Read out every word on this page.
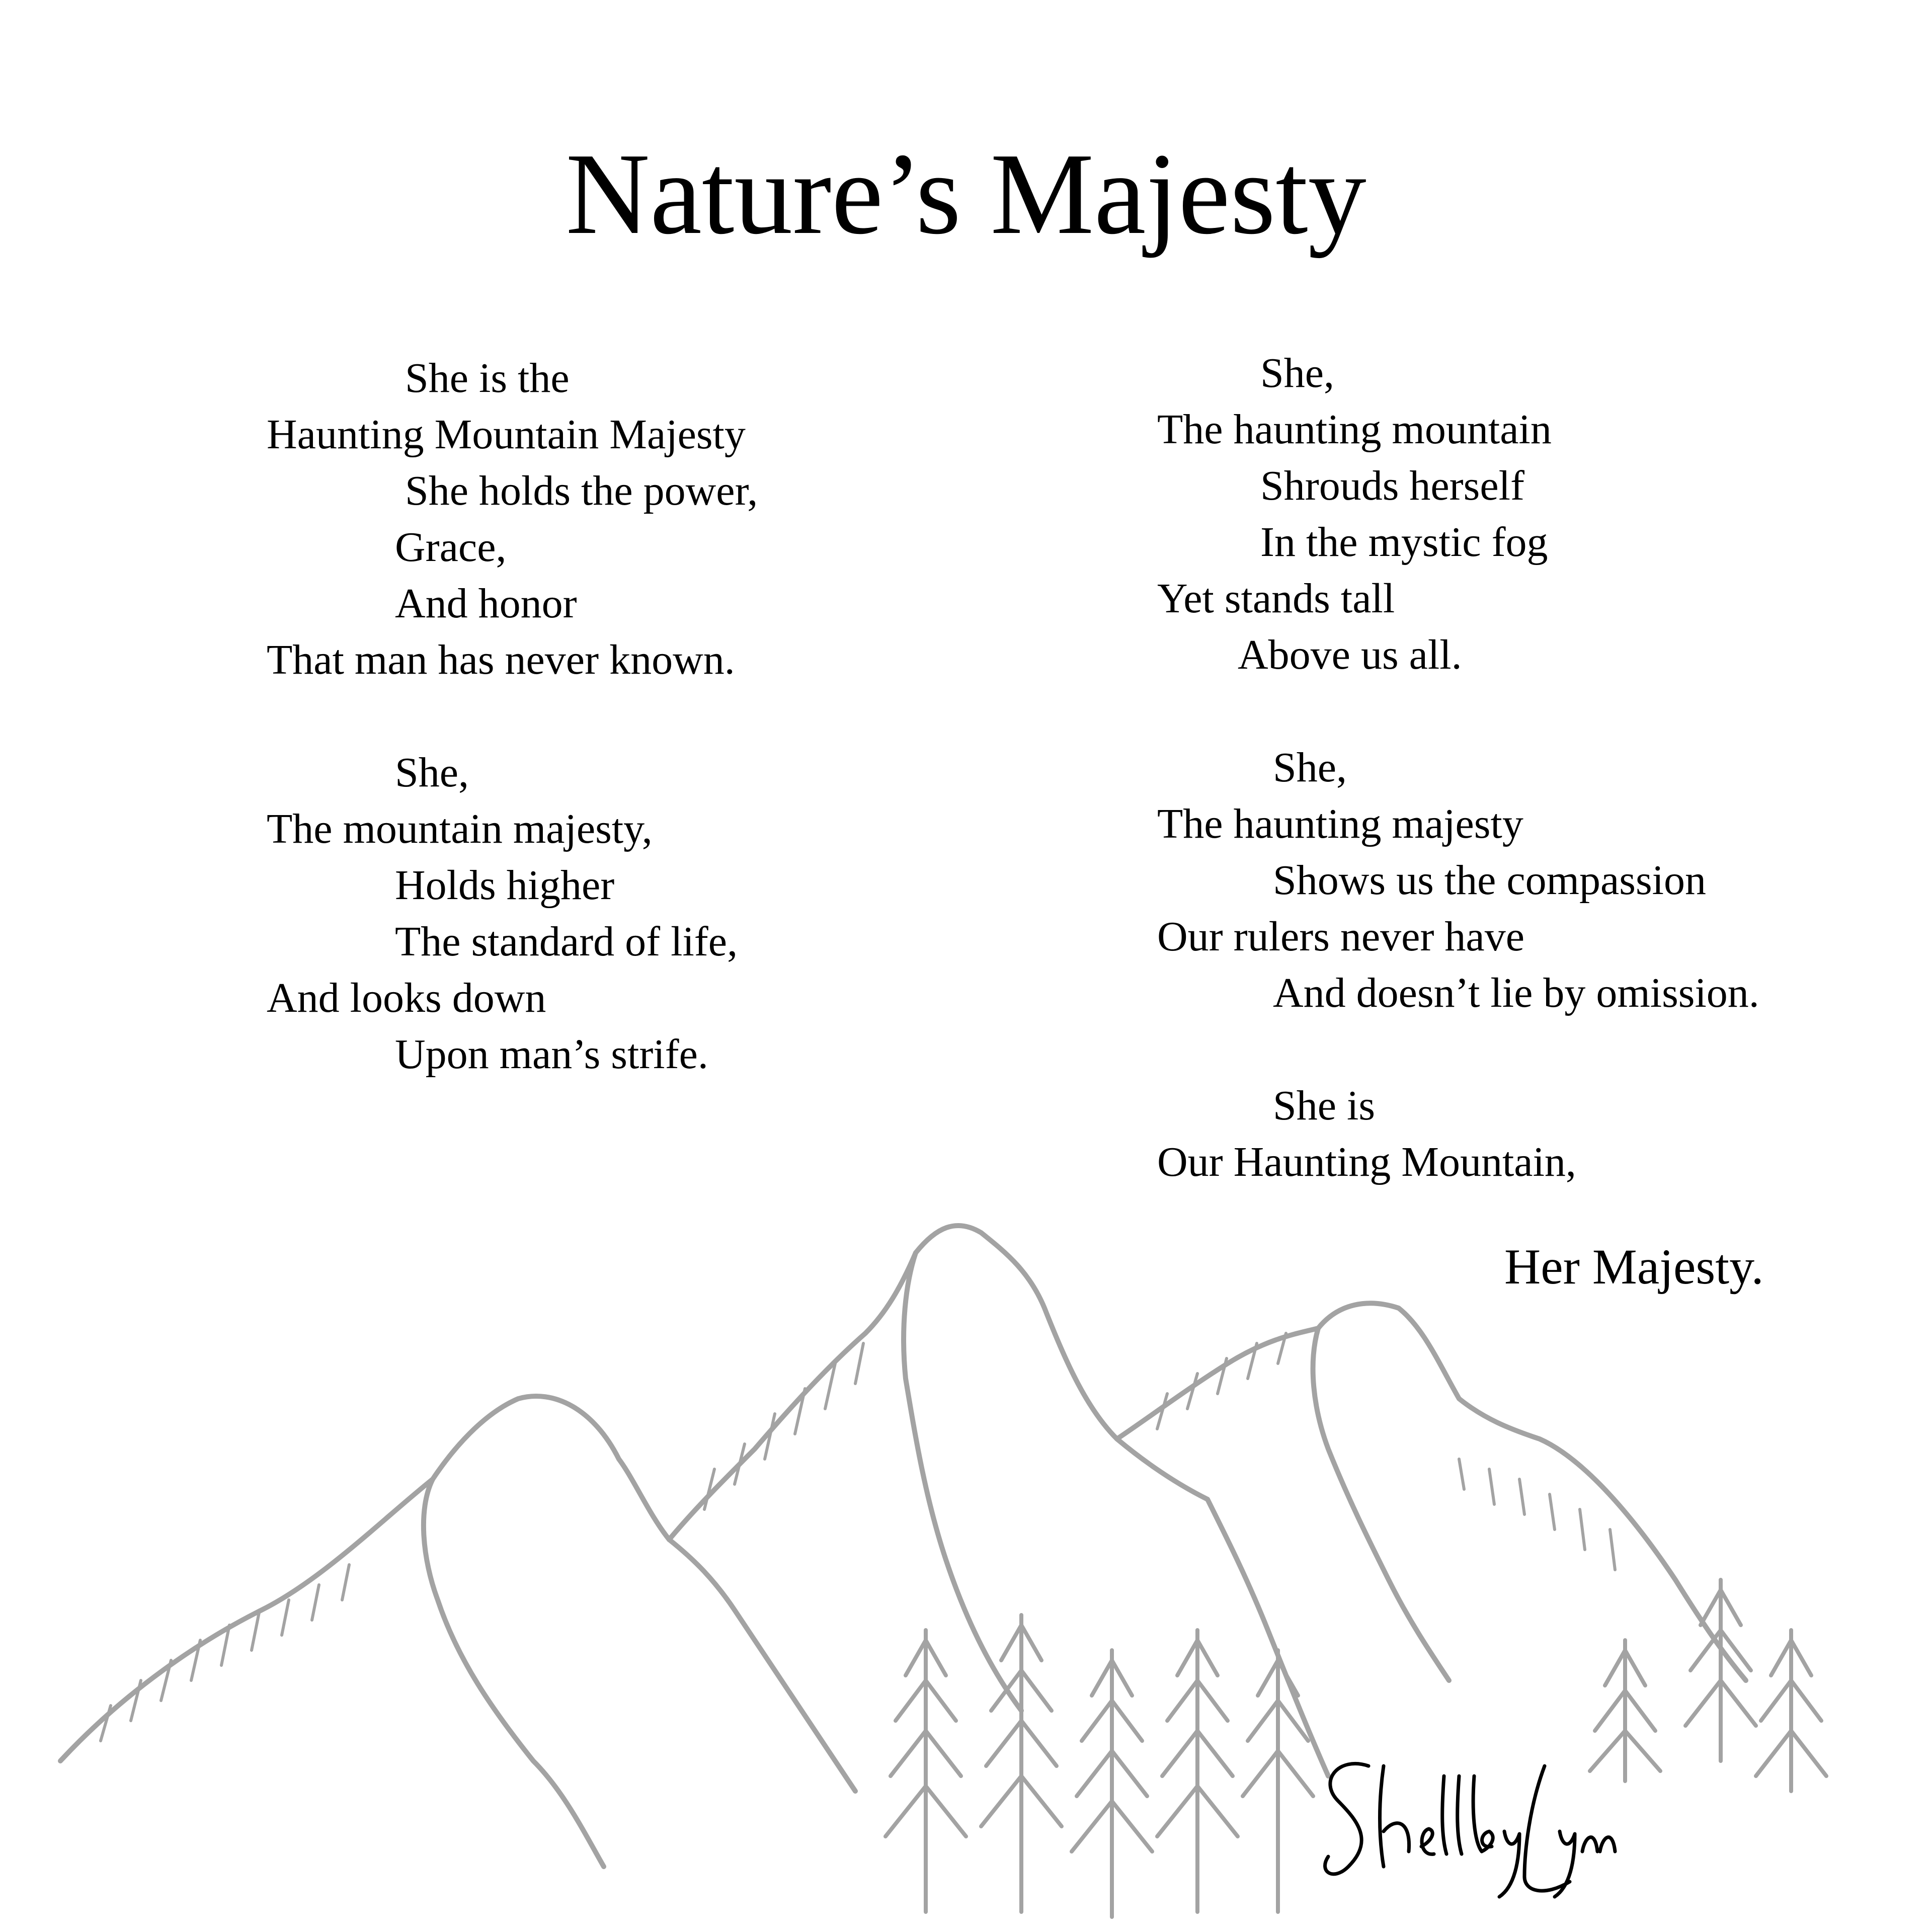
Nature’s Majesty
She is the
Haunting Mountain Majesty
She holds the power,
Grace,
And honor
That man has never known.
She,
The mountain majesty,
Holds higher
The standard of life,
And looks down
Upon man’s strife.
She,
The haunting mountain
Shrouds herself
In the mystic fog
Yet stands tall
Above us all.
She,
The haunting majesty
Shows us the compassion
Our rulers never have
And doesn’t lie by omission.
She is
Our Haunting Mountain,
Her Majesty.
